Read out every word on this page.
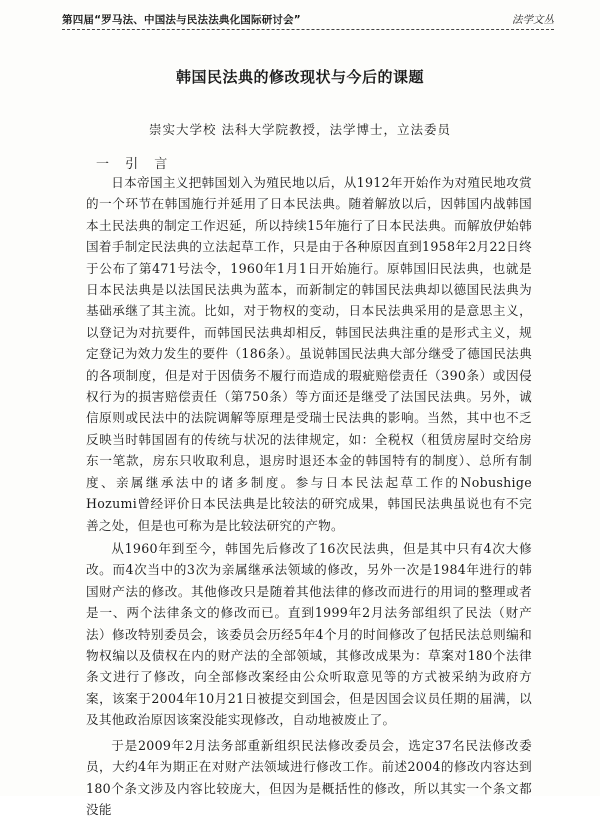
第四届“罗马法、中国法与民法法典化国际研讨会”	法学文丛
韩国民法典的修改现状与今后的课题
崇实大学校 法科大学院教授，法学博士，立法委员
一 引 言

日本帝国主义把韩国划入为殖民地以后，从1912年开始作为对殖民地攻赏的一个环节在韩国施行并延用了日本民法典。随着解放以后，因韩国内战韩国本土民法典的制定工作迟延，所以持续15年施行了日本民法典。而解放伊始韩国着手制定民法典的立法起草工作，只是由于各种原因直到1958年2月22日终于公布了第471号法令，1960年1月1日开始施行。原韩国旧民法典，也就是日本民法典是以法国民法典为蓝本，而新制定的韩国民法典却以德国民法典为基础承继了其主流。比如，对于物权的变动，日本民法典采用的是意思主义，以登记为对抗要件，而韩国民法典却相反，韩国民法典注重的是形式主义，规定登记为效力发生的要件（186条）。虽说韩国民法典大部分继受了德国民法典的各项制度，但是对于因债务不履行而造成的瑕疵赔偿责任（390条）或因侵权行为的损害赔偿责任（第750条）等方面还是继受了法国民法典。另外，诚信原则或民法中的法院调解等原理是受瑞士民法典的影响。当然，其中也不乏反映当时韩国固有的传统与状况的法律规定，如：全税权（租赁房屋时交给房东一笔款，房东只收取利息，退房时退还本金的韩国特有的制度）、总所有制度、亲属继承法中的诸多制度。参与日本民法起草工作的Nobushige Hozumi曾经评价日本民法典是比较法的研究成果，韩国民法典虽说也有不完善之处，但是也可称为是比较法研究的产物。

从1960年到至今，韩国先后修改了16次民法典，但是其中只有4次大修改。而4次当中的3次为亲属继承法领域的修改，另外一次是1984年进行的韩国财产法的修改。其他修改只是随着其他法律的修改而进行的用词的整理或者是一、两个法律条文的修改而已。直到1999年2月法务部组织了民法（财产法）修改特别委员会，该委员会历经5年4个月的时间修改了包括民法总则编和物权编以及债权在内的财产法的全部领域，其修改成果为：草案对180个法律条文进行了修改，向全部修改案经由公众听取意见等的方式被采纳为政府方案，该案于2004年10月21日被提交到国会，但是因国会议员任期的届满，以及其他政治原因该案没能实现修改，自动地被废止了。

于是2009年2月法务部重新组织民法修改委员会，选定37名民法修改委员，大约4年为期正在对财产法领域进行修改工作。前述2004的修改内容达到180个条文涉及内容比较庞大，但因为是概括性的修改，所以其实一个条文都没能
